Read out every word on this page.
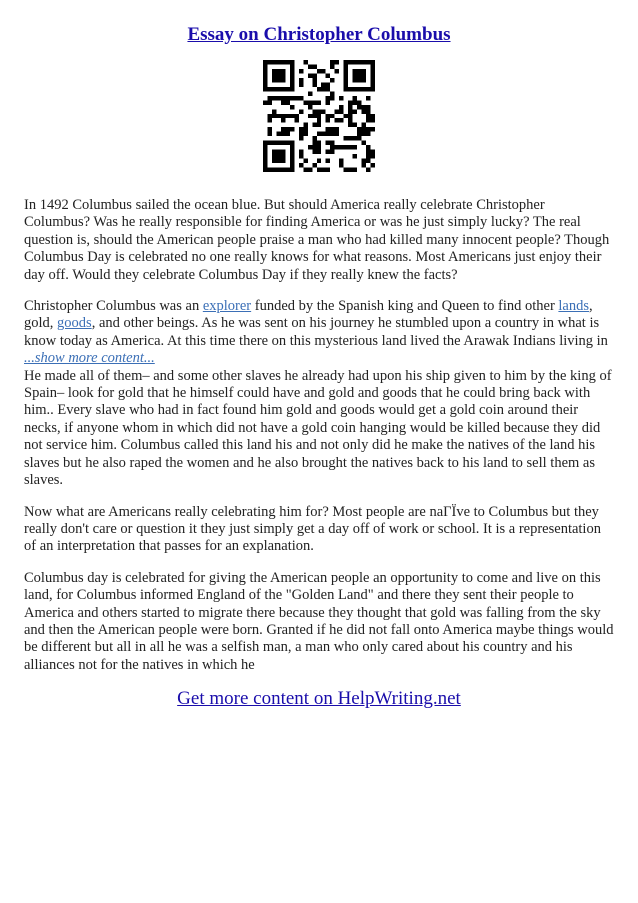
Essay on Christopher Columbus

In 1492 Columbus sailed the ocean blue. But should America really celebrate Christopher Columbus? Was he really responsible for finding America or was he just simply lucky? The real question is, should the American people praise a man who had killed many innocent people? Though Columbus Day is celebrated no one really knows for what reasons. Most Americans just enjoy their day off. Would they celebrate Columbus Day if they really knew the facts?

Christopher Columbus was an explorer funded by the Spanish king and Queen to find other lands, gold, goods, and other beings. As he was sent on his journey he stumbled upon a country in what is know today as America. At this time there on this mysterious land lived the Arawak Indians living in

...show more content...

He made all of them– and some other slaves he already had upon his ship given to him by the king of Spain– look for gold that he himself could have and gold and goods that he could bring back with him.. Every slave who had in fact found him gold and goods would get a gold coin around their necks, if anyone whom in which did not have a gold coin hanging would be killed because they did not service him. Columbus called this land his and not only did he make the natives of the land his slaves but he also raped the women and he also brought the natives back to his land to sell them as slaves.

Now what are Americans really celebrating him for? Most people are naГЇve to Columbus but they really don't care or question it they just simply get a day off of work or school. It is a representation of an interpretation that passes for an explanation.

Columbus day is celebrated for giving the American people an opportunity to come and live on this land, for Columbus informed England of the "Golden Land" and there they sent their people to America and others started to migrate there because they thought that gold was falling from the sky and then the American people were born. Granted if he did not fall onto America maybe things would be different but all in all he was a selfish man, a man who only cared about his country and his alliances not for the natives in which he

Get more content on HelpWriting.net
